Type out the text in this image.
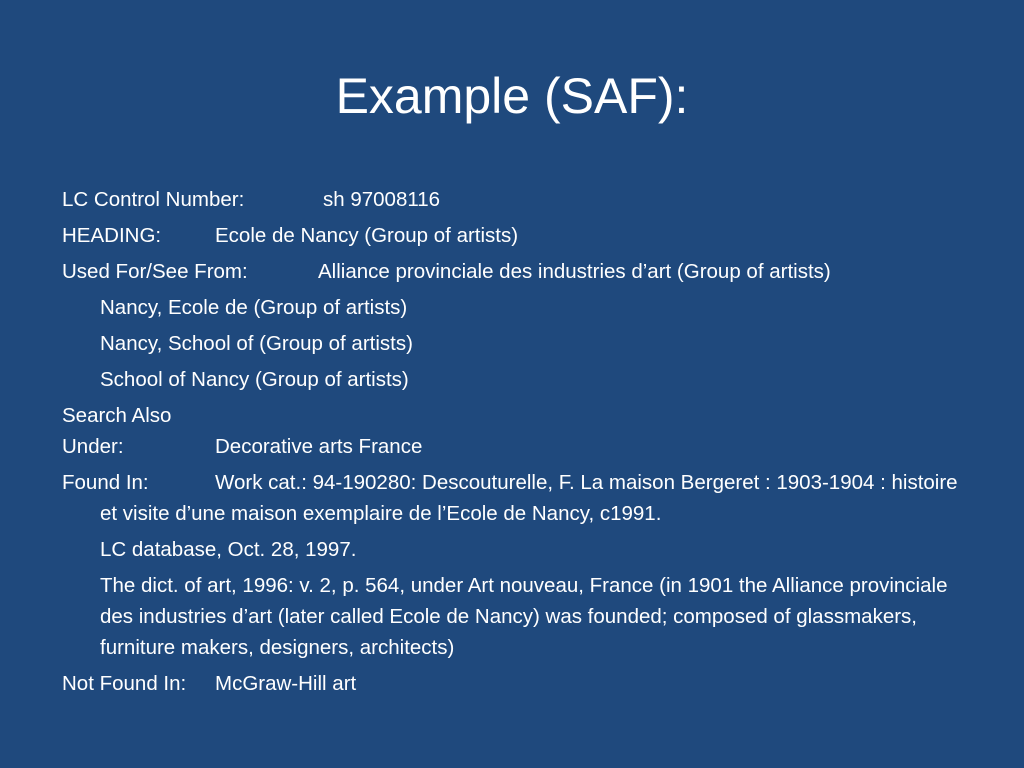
Example (SAF):

LC Control Number:	sh 97008116

HEADING:	Ecole de Nancy (Group of artists)

Used For/See From:	Alliance provinciale des industries d’art (Group of artists)

Nancy, Ecole de (Group of artists)

Nancy, School of (Group of artists)

School of Nancy (Group of artists)

Search Also Under:	Decorative arts France

Found In:	Work cat.: 94-190280: Descouturelle, F. La maison Bergeret : 1903-1904 : histoire et visite d’une maison exemplaire de l’Ecole de Nancy, c1991.

LC database, Oct. 28, 1997.

The dict. of art, 1996: v. 2, p. 564, under Art nouveau, France (in 1901 the Alliance provinciale des industries d’art (later called Ecole de Nancy) was founded; composed of glassmakers, furniture makers, designers, architects)

Not Found In: McGraw-Hill art
